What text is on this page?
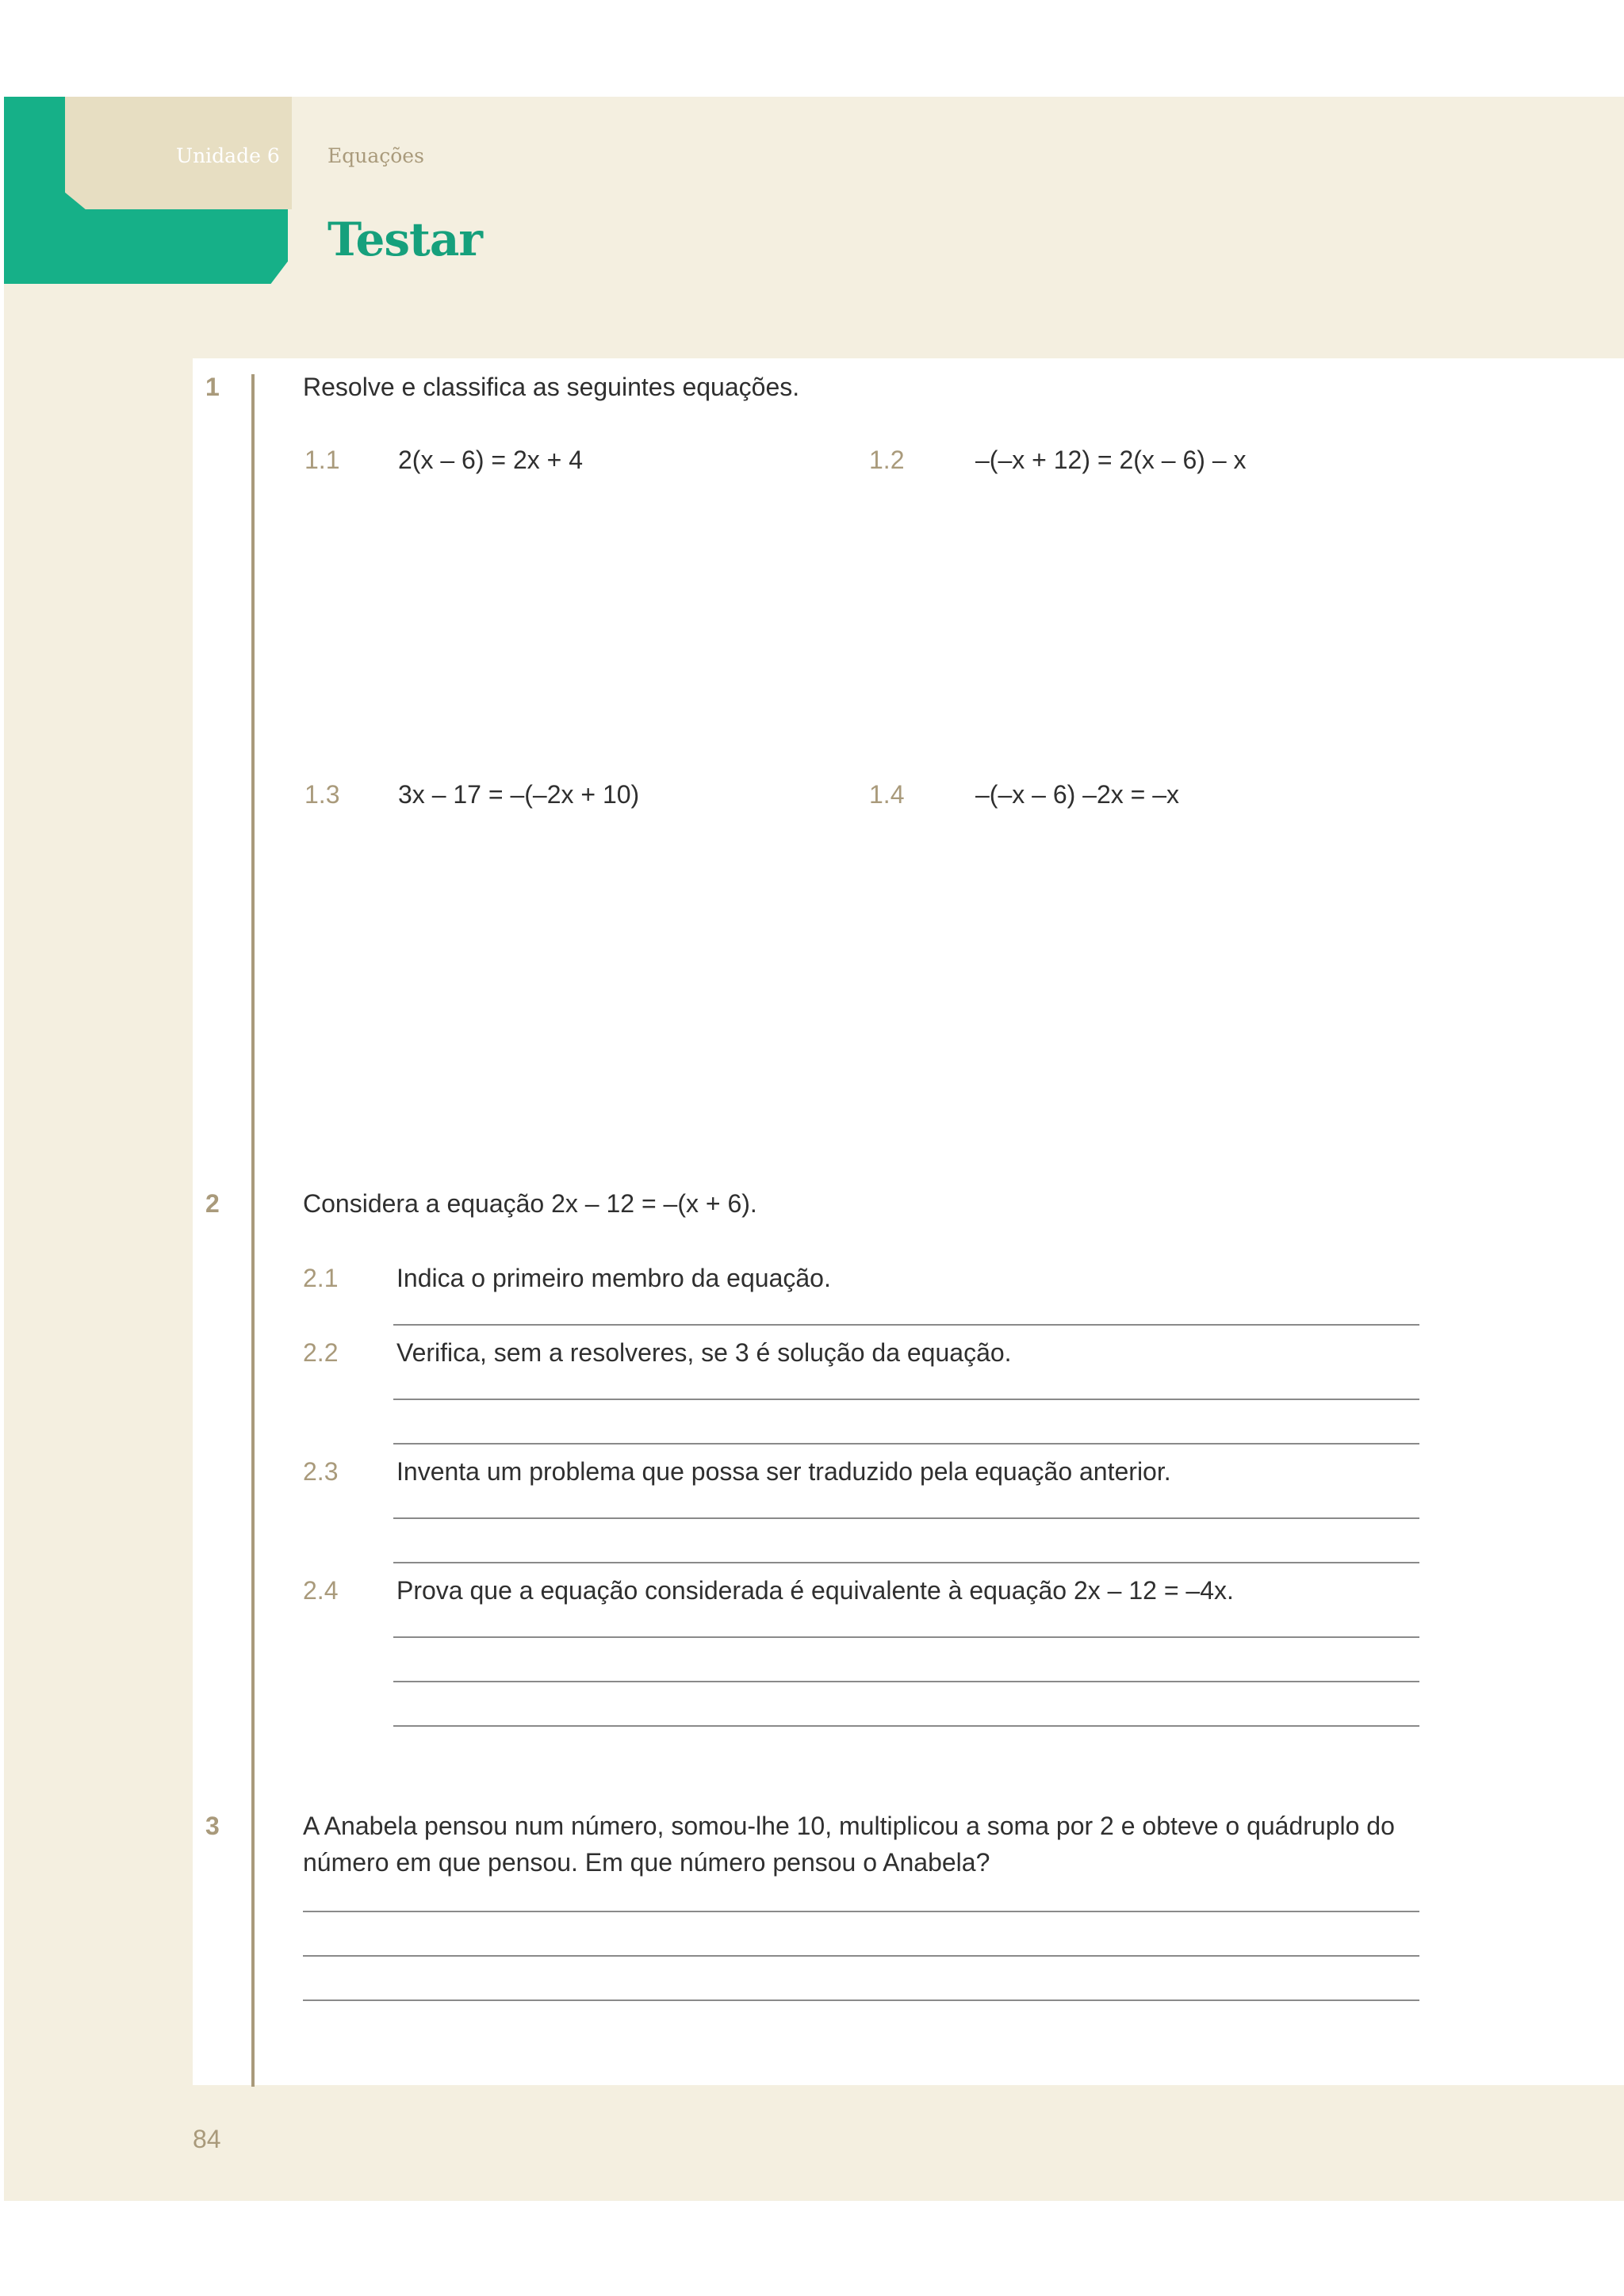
Unidade 6 Equações
Testar
1	Resolve e classifica as seguintes equações.
1.1 2(x – 6) = 2x + 4	1.2	–(–x + 12) = 2(x – 6) – x
1.3 3x – 17 = –(–2x + 10)	1.4	–(–x – 6) –2x = –x
2	Considera a equação 2x – 12 = –(x + 6).
2.1 Indica o primeiro membro da equação.
2.2 Verifica, sem a resolveres, se 3 é solução da equação.
2.3 Inventa um problema que possa ser traduzido pela equação anterior.
2.4 Prova que a equação considerada é equivalente à equação 2x – 12 = –4x.
3	A Anabela pensou num número, somou-lhe 10, multiplicou a soma por 2 e obteve o quádruplo do número em que pensou. Em que número pensou o Anabela?

84
